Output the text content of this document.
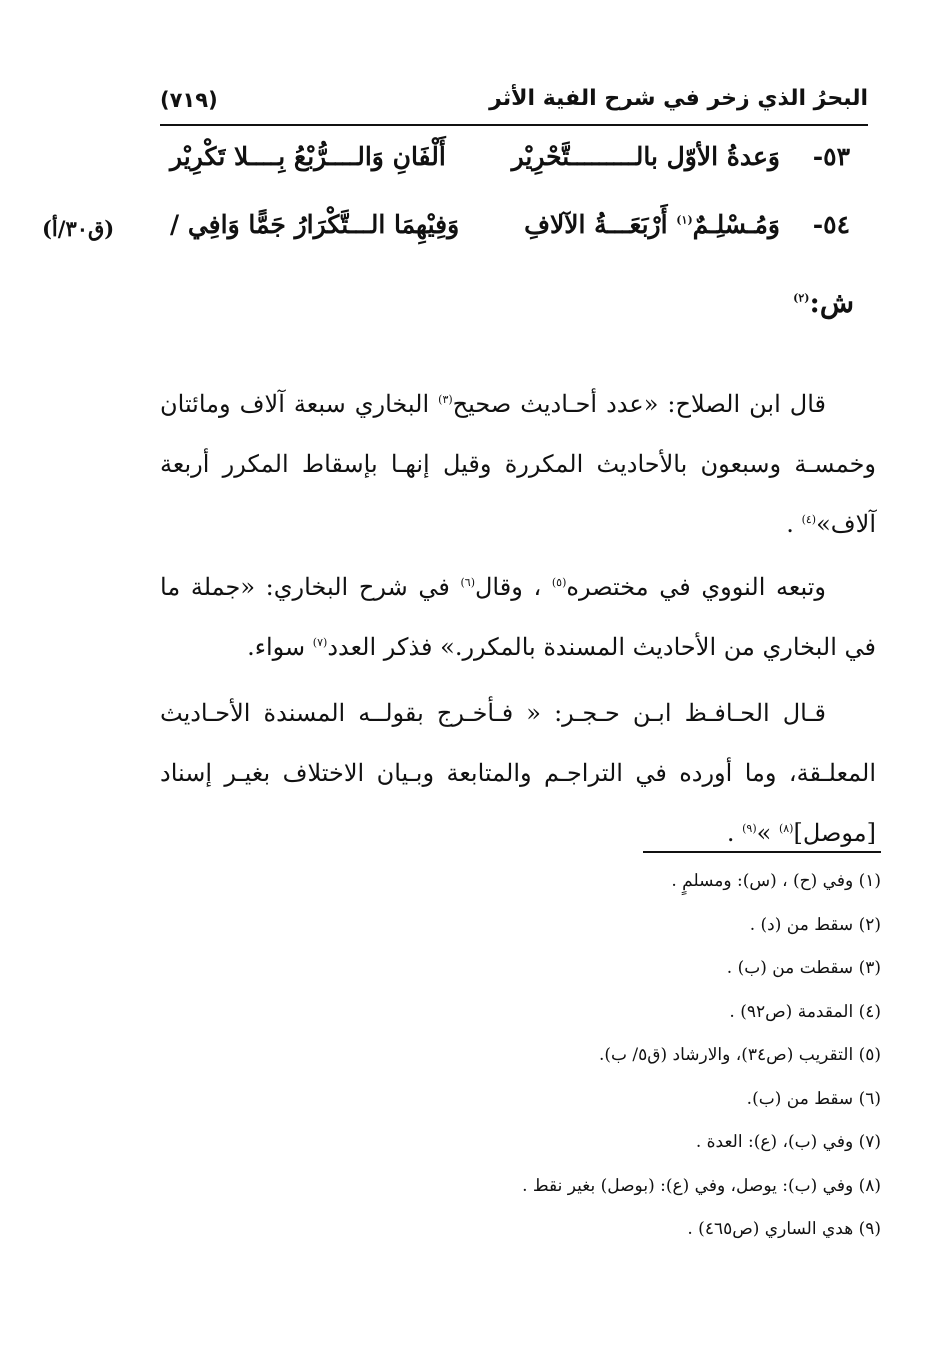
البحرُ الذي زخر في شرح الفية الأثر
(٧١٩)
٥٣-
وَعدةُ الأوّل بالـــــــــتَّحْرِيْر
أَلْفَانِ وَالــــرُّبْعُ بِــــلا تَكْرِيْر
٥٤-
وَمُـسْلِـمٌ$^{(١)}$ أَرْبَعَـــةُ الآلافِ
وَفِيْهِمَا الـــتَّكْرَارُ جَمًّا وَافِي /
(ق٣٠/أ)
ش:$^{(٢)}$

قال ابن الصلاح: «عدد أحـاديث صحيح$^{(٣)}$ البخاري سبعة آلاف ومائتان وخمسـة وسبعون بالأحاديث المكررة وقيل إنهـا بإسقاط المكرر أربعة آلاف»$^{(٤)}$ .

وتبعه النووي في مختصره$^{(٥)}$ ، وقال$^{(٦)}$ في شرح البخاري: «جملة ما في البخاري من الأحاديث المسندة بالمكرر.» فذكر العدد$^{(٧)}$ سواء.

قـال الحـافـظ ابـن حـجـر: « فـأخـرج بقولــه المسندة الأحـاديث المعلـقة، وما أورده في التراجـم والمتابعة وبـيان الاختلاف بغيـر إسناد [موصل]$^{(٨)}$ »$^{(٩)}$ .

(١) وفي (ح) ، (س): ومسلمٍ .
(٢) سقط من (د) .
(٣) سقطت من (ب) .
(٤) المقدمة (ص٩٢) .
(٥) التقريب (ص٣٤)، والارشاد (ق٥/ ب).
(٦) سقط من (ب).
(٧) وفي (ب)، (ع): العدة .
(٨) وفي (ب): يوصل، وفي (ع): (بوصل) بغير نقط .
(٩) هدي الساري (ص٤٦٥) .
